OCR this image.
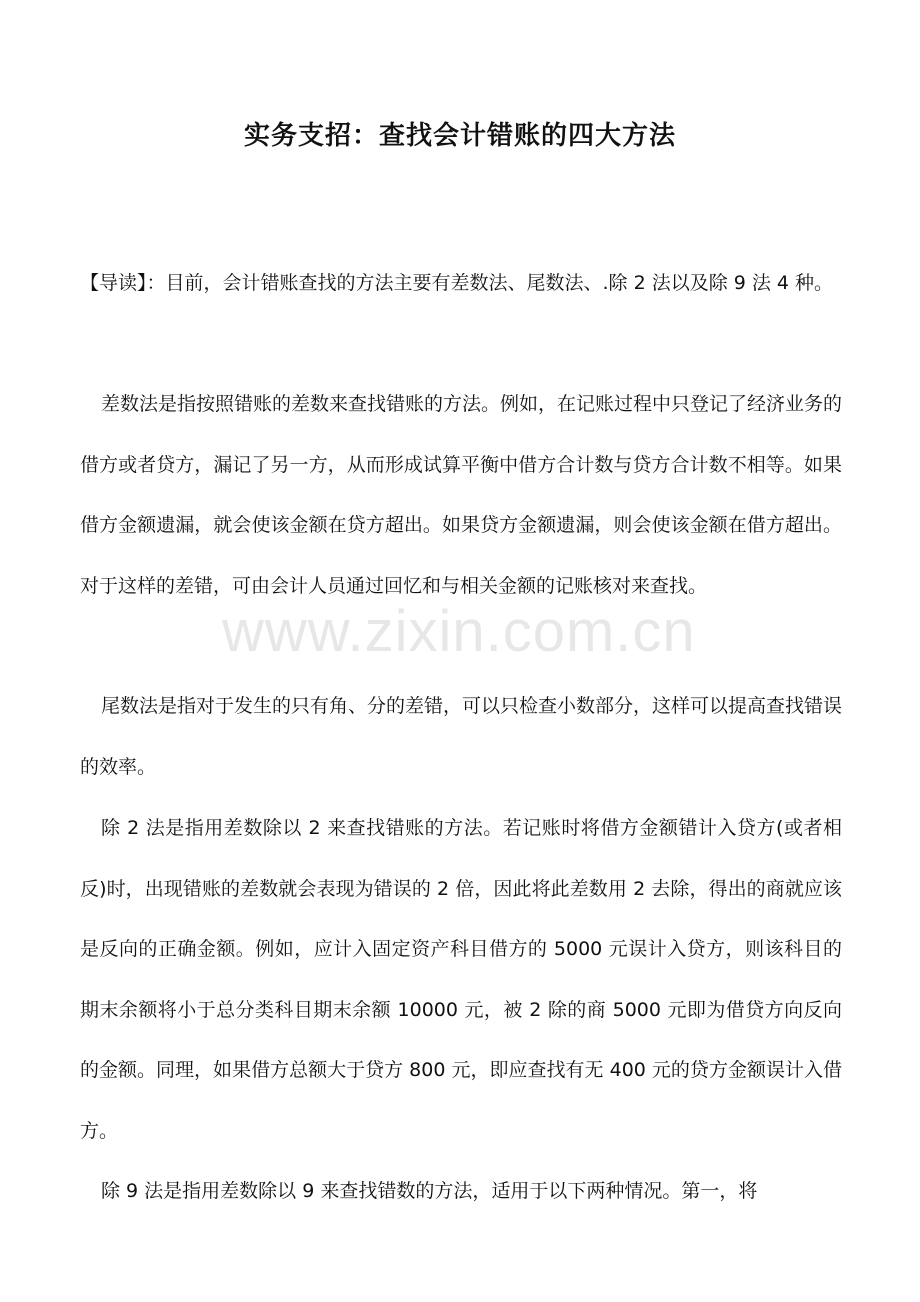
实务支招：查找会计错账的四大方法

【导读】：目前，会计错账查找的方法主要有差数法、尾数法、.除 2 法以及除 9 法 4 种。

差数法是指按照错账的差数来查找错账的方法。例如，在记账过程中只登记了经济业务的借方或者贷方，漏记了另一方，从而形成试算平衡中借方合计数与贷方合计数不相等。如果借方金额遗漏，就会使该金额在贷方超出。如果贷方金额遗漏，则会使该金额在借方超出。对于这样的差错，可由会计人员通过回忆和与相关金额的记账核对来查找。

尾数法是指对于发生的只有角、分的差错，可以只检查小数部分，这样可以提高查找错误的效率。

除 2 法是指用差数除以 2 来查找错账的方法。若记账时将借方金额错计入贷方(或者相反)时，出现错账的差数就会表现为错误的 2 倍，因此将此差数用 2 去除，得出的商就应该是反向的正确金额。例如，应计入固定资产科目借方的 5000 元误计入贷方，则该科目的期末余额将小于总分类科目期末余额 10000 元，被 2 除的商 5000 元即为借贷方向反向的金额。同理，如果借方总额大于贷方 800 元，即应查找有无 400 元的贷方金额误计入借方。

除 9 法是指用差数除以 9 来查找错数的方法，适用于以下两种情况。第一，将

www.zixin.com.cn
